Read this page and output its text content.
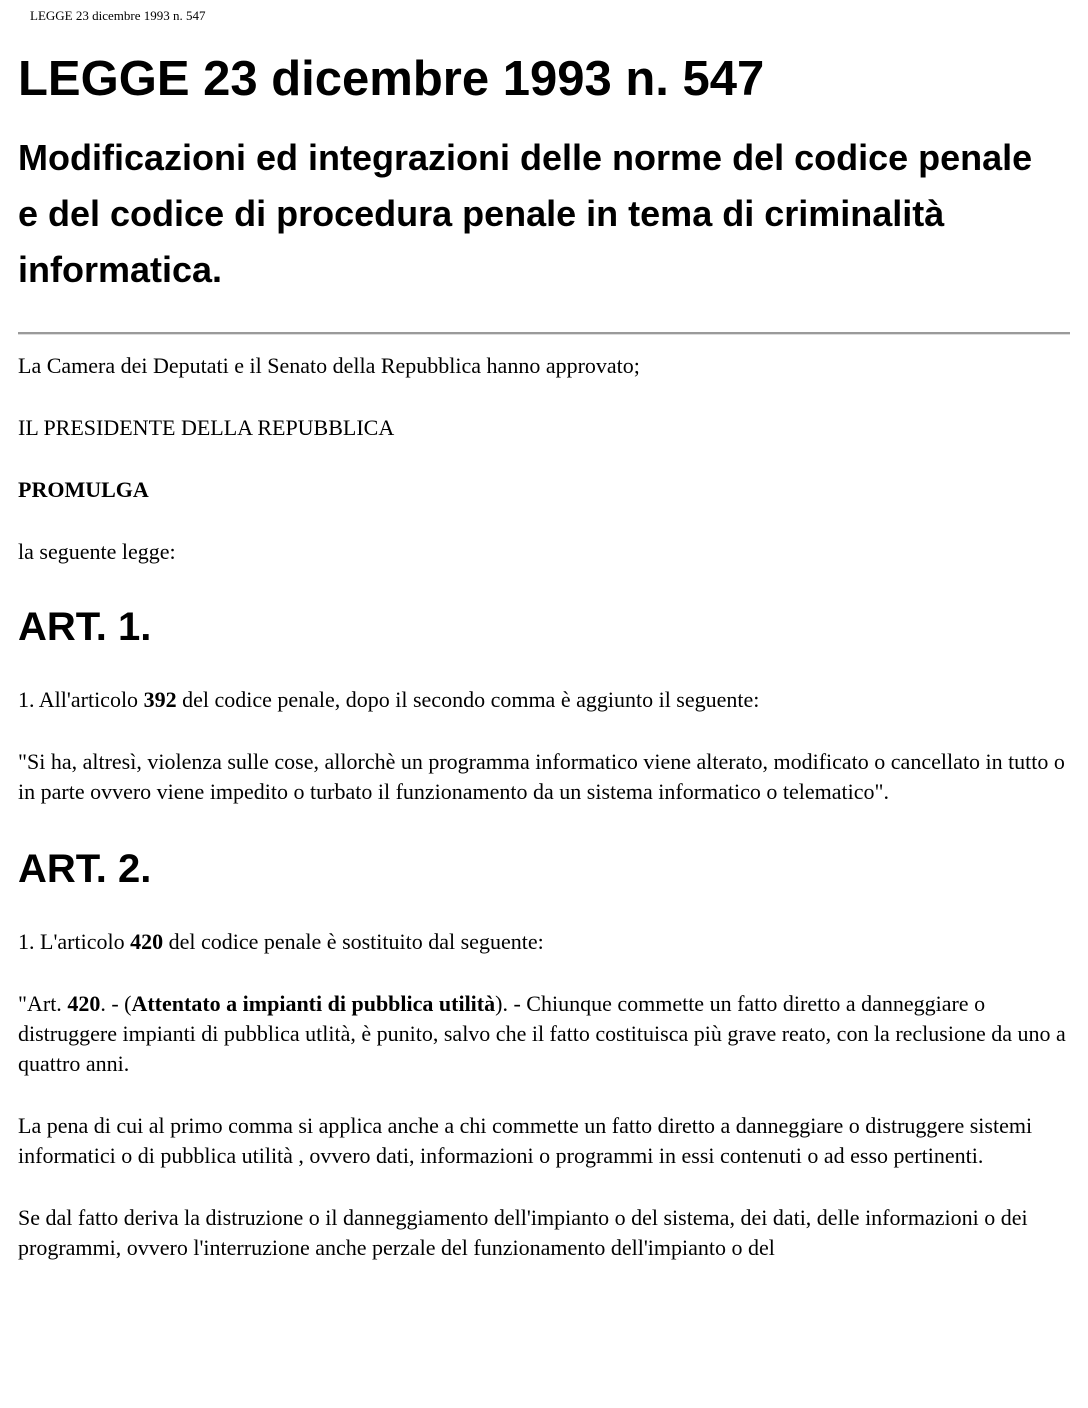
LEGGE 23 dicembre 1993 n. 547
LEGGE 23 dicembre 1993 n. 547
Modificazioni ed integrazioni delle norme del codice penale e del codice di procedura penale in tema di criminalità informatica.

La Camera dei Deputati e il Senato della Repubblica hanno approvato;

IL PRESIDENTE DELLA REPUBBLICA

PROMULGA

la seguente legge:

ART. 1.

1. All'articolo 392 del codice penale, dopo il secondo comma è aggiunto il seguente:

"Si ha, altresì, violenza sulle cose, allorchè un programma informatico viene alterato, modificato o cancellato in tutto o in parte ovvero viene impedito o turbato il funzionamento da un sistema informatico o telematico".

ART. 2.

1. L'articolo 420 del codice penale è sostituito dal seguente:

"Art. 420. - (Attentato a impianti di pubblica utilità). - Chiunque commette un fatto diretto a danneggiare o distruggere impianti di pubblica utlità, è punito, salvo che il fatto costituisca più grave reato, con la reclusione da uno a quattro anni.

La pena di cui al primo comma si applica anche a chi commette un fatto diretto a danneggiare o distruggere sistemi informatici o di pubblica utilità , ovvero dati, informazioni o programmi in essi contenuti o ad esso pertinenti.

Se dal fatto deriva la distruzione o il danneggiamento dell'impianto o del sistema, dei dati, delle informazioni o dei programmi, ovvero l'interruzione anche perzale del funzionamento dell'impianto o del
